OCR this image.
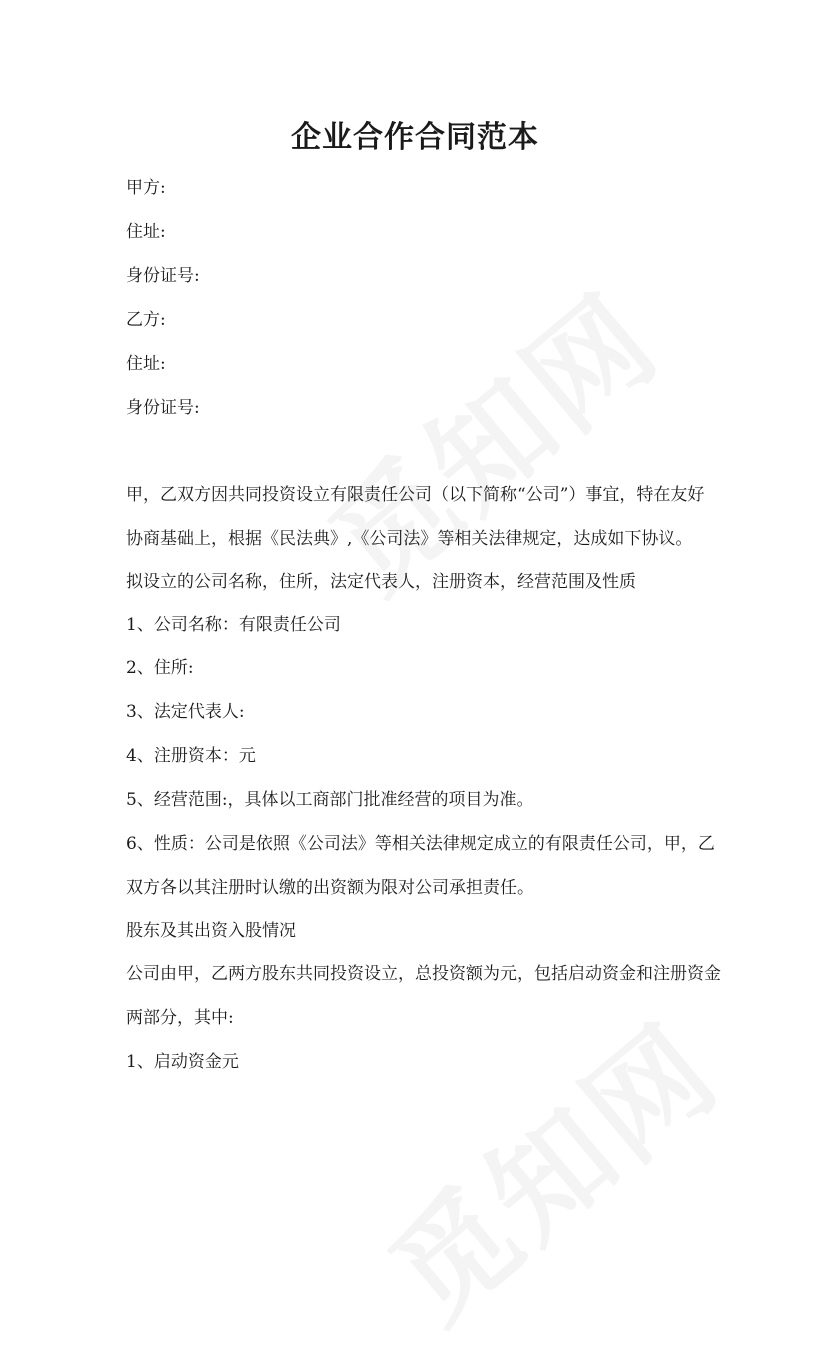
企业合作合同范本
甲方:
住址:
身份证号:
乙方:
住址:
身份证号:
甲，乙双方因共同投资设立有限责任公司（以下简称“公司”）事宜，特在友好
协商基础上，根据《民法典》,《公司法》等相关法律规定，达成如下协议。
拟设立的公司名称，住所，法定代表人，注册资本，经营范围及性质
1、公司名称：有限责任公司
2、住所:
3、法定代表人:
4、注册资本：元
5、经营范围:，具体以工商部门批准经营的项目为准。
6、性质：公司是依照《公司法》等相关法律规定成立的有限责任公司，甲，乙
双方各以其注册时认缴的出资额为限对公司承担责任。
股东及其出资入股情况
公司由甲，乙两方股东共同投资设立，总投资额为元，包括启动资金和注册资金
两部分，其中:
1、启动资金元
